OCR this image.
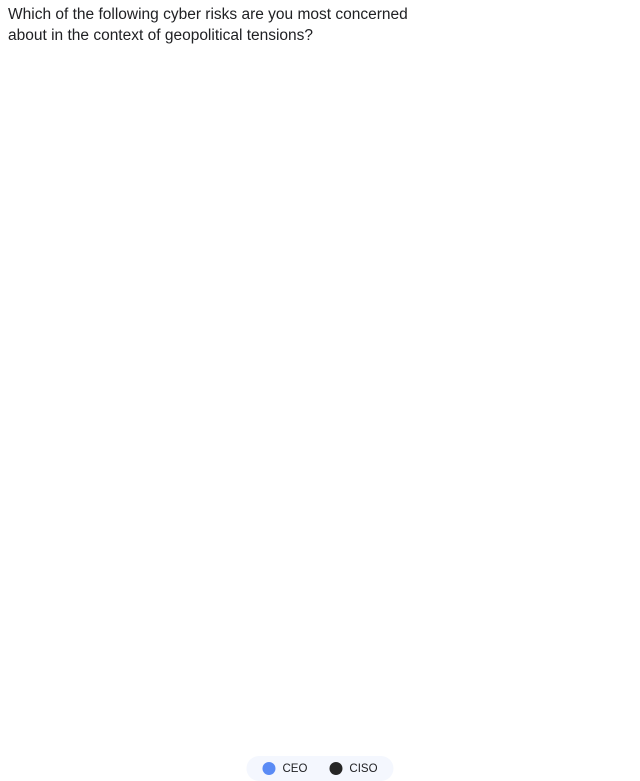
Which of the following cyber risks are you most concerned
about in the context of geopolitical tensions?
CEO	CISO
